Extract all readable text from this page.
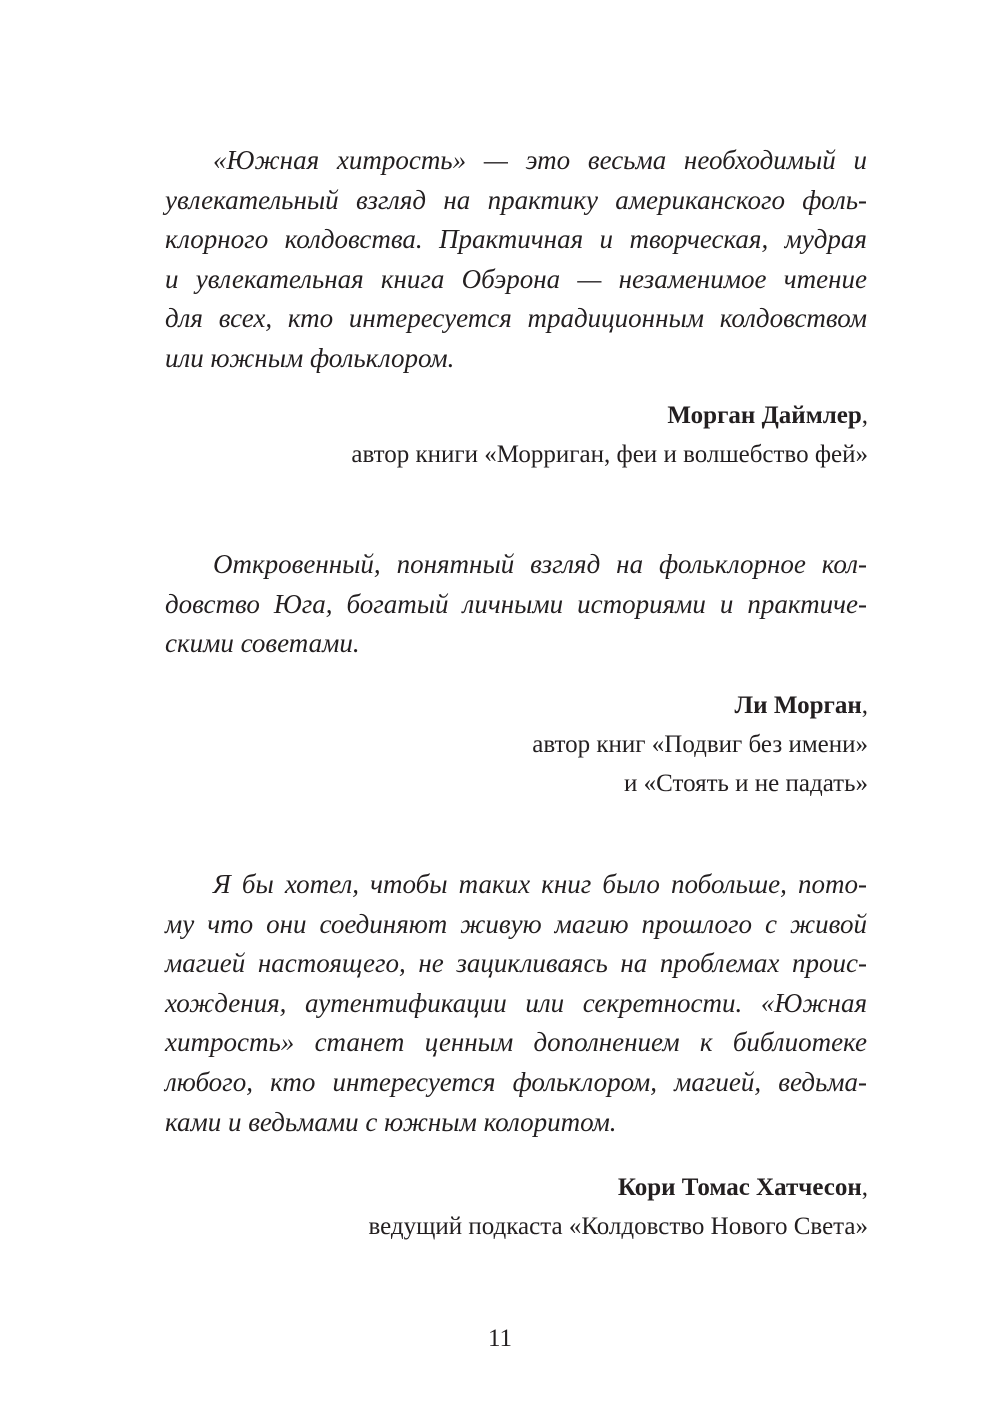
«Южная хитрость» — это весьма необходимый и
увлекательный взгляд на практику американского фоль-
клорного колдовства. Практичная и творческая, мудрая
и увлекательная книга Обэрона — незаменимое чтение
для всех, кто интересуется традиционным колдовством
или южным фольклором.
Морган Даймлер,
автор книги «Морриган, феи и волшебство фей»
Откровенный, понятный взгляд на фольклорное кол-
довство Юга, богатый личными историями и практиче-
скими советами.
Ли Морган,
автор книг «Подвиг без имени»
и «Стоять и не падать»
Я бы хотел, чтобы таких книг было побольше, пото-
му что они соединяют живую магию прошлого с живой
магией настоящего, не зацикливаясь на проблемах проис-
хождения, аутентификации или секретности. «Южная
хитрость» станет ценным дополнением к библиотеке
любого, кто интересуется фольклором, магией, ведьма-
ками и ведьмами с южным колоритом.
Кори Томас Хатчесон,
ведущий подкаста «Колдовство Нового Света»
11
